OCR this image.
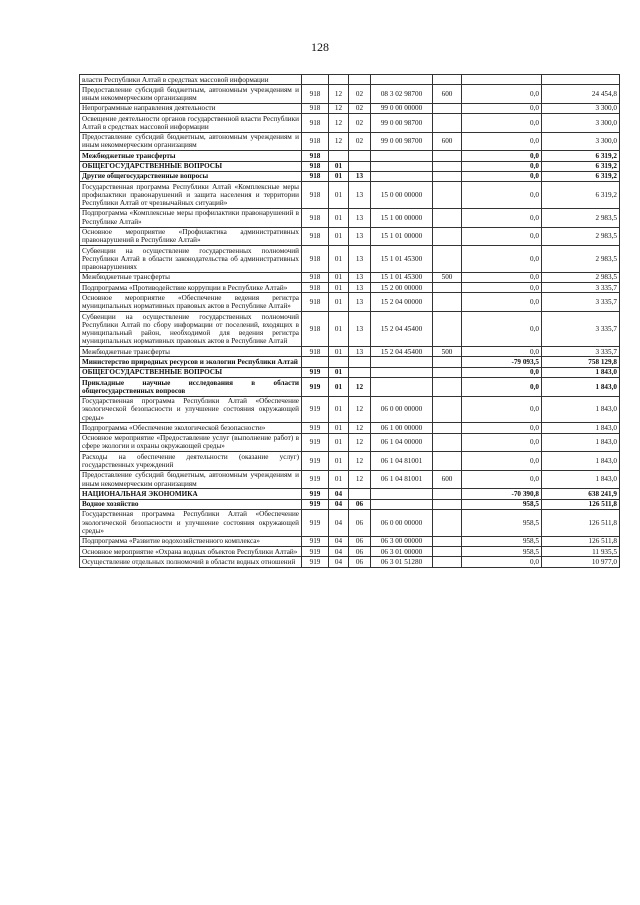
128
власти Республики Алтай в средствах массовой информации							
Предоставление субсидий бюджетным, автономным учреждениям и иным некоммерческим организациям	918	12	02	08 3 02 98700	600	0,0	24 454,8
Непрограммные направления деятельности	918	12	02	99 0 00 00000		0,0	3 300,0
Освещение деятельности органов государственной власти Республики Алтай в средствах массовой информации	918	12	02	99 0 00 98700		0,0	3 300,0
Предоставление субсидий бюджетным, автономным учреждениям и иным некоммерческим организациям	918	12	02	99 0 00 98700	600	0,0	3 300,0
Межбюджетные трансферты	918					0,0	6 319,2
ОБЩЕГОСУДАРСТВЕННЫЕ ВОПРОСЫ	918	01				0,0	6 319,2
Другие общегосударственные вопросы	918	01	13			0,0	6 319,2
Государственная программа Республики Алтай «Комплексные меры профилактики правонарушений и защита населения и территории Республики Алтай от чрезвычайных ситуаций»	918	01	13	15 0 00 00000		0,0	6 319,2
Подпрограмма «Комплексные меры профилактики правонарушений в Республике Алтай»	918	01	13	15 1 00 00000		0,0	2 983,5
Основное мероприятие «Профилактика административных правонарушений в Республике Алтай»	918	01	13	15 1 01 00000		0,0	2 983,5
Субвенции на осуществление государственных полномочий Республики Алтай в области законодательства об административных правонарушениях	918	01	13	15 1 01 45300		0,0	2 983,5
Межбюджетные трансферты	918	01	13	15 1 01 45300	500	0,0	2 983,5
Подпрограмма «Противодействие коррупции в Республике Алтай»	918	01	13	15 2 00 00000		0,0	3 335,7
Основное мероприятие «Обеспечение ведения регистра муниципальных нормативных правовых актов в Республике Алтай»	918	01	13	15 2 04 00000		0,0	3 335,7
Субвенции на осуществление государственных полномочий Республики Алтай по сбору информации от поселений, входящих в муниципальный район, необходимой для ведения регистра муниципальных нормативных правовых актов в Республике Алтай	918	01	13	15 2 04 45400		0,0	3 335,7
Межбюджетные трансферты	918	01	13	15 2 04 45400	500	0,0	3 335,7
Министерство природных ресурсов и экологии Республики Алтай						-79 093,5	758 129,8
ОБЩЕГОСУДАРСТВЕННЫЕ ВОПРОСЫ	919	01				0,0	1 843,0
Прикладные научные исследования в области общегосударственных вопросов	919	01	12			0,0	1 843,0
Государственная программа Республики Алтай «Обеспечение экологической безопасности и улучшение состояния окружающей среды»	919	01	12	06 0 00 00000		0,0	1 843,0
Подпрограмма «Обеспечение экологической безопасности»	919	01	12	06 1 00 00000		0,0	1 843,0
Основное мероприятие «Предоставление услуг (выполнение работ) в сфере экологии и охраны окружающей среды»	919	01	12	06 1 04 00000		0,0	1 843,0
Расходы на обеспечение деятельности (оказание услуг) государственных учреждений	919	01	12	06 1 04 81001		0,0	1 843,0
Предоставление субсидий бюджетным, автономным учреждениям и иным некоммерческим организациям	919	01	12	06 1 04 81001	600	0,0	1 843,0
НАЦИОНАЛЬНАЯ ЭКОНОМИКА	919	04				-70 390,8	638 241,9
Водное хозяйство	919	04	06			958,5	126 511,8
Государственная программа Республики Алтай «Обеспечение экологической безопасности и улучшение состояния окружающей среды»	919	04	06	06 0 00 00000		958,5	126 511,8
Подпрограмма «Развитие водохозяйственного комплекса»	919	04	06	06 3 00 00000		958,5	126 511,8
Основное мероприятие «Охрана водных объектов Республики Алтай»	919	04	06	06 3 01 00000		958,5	11 935,5
Осуществление отдельных полномочий в области водных отношений	919	04	06	06 3 01 51280		0,0	10 977,0
